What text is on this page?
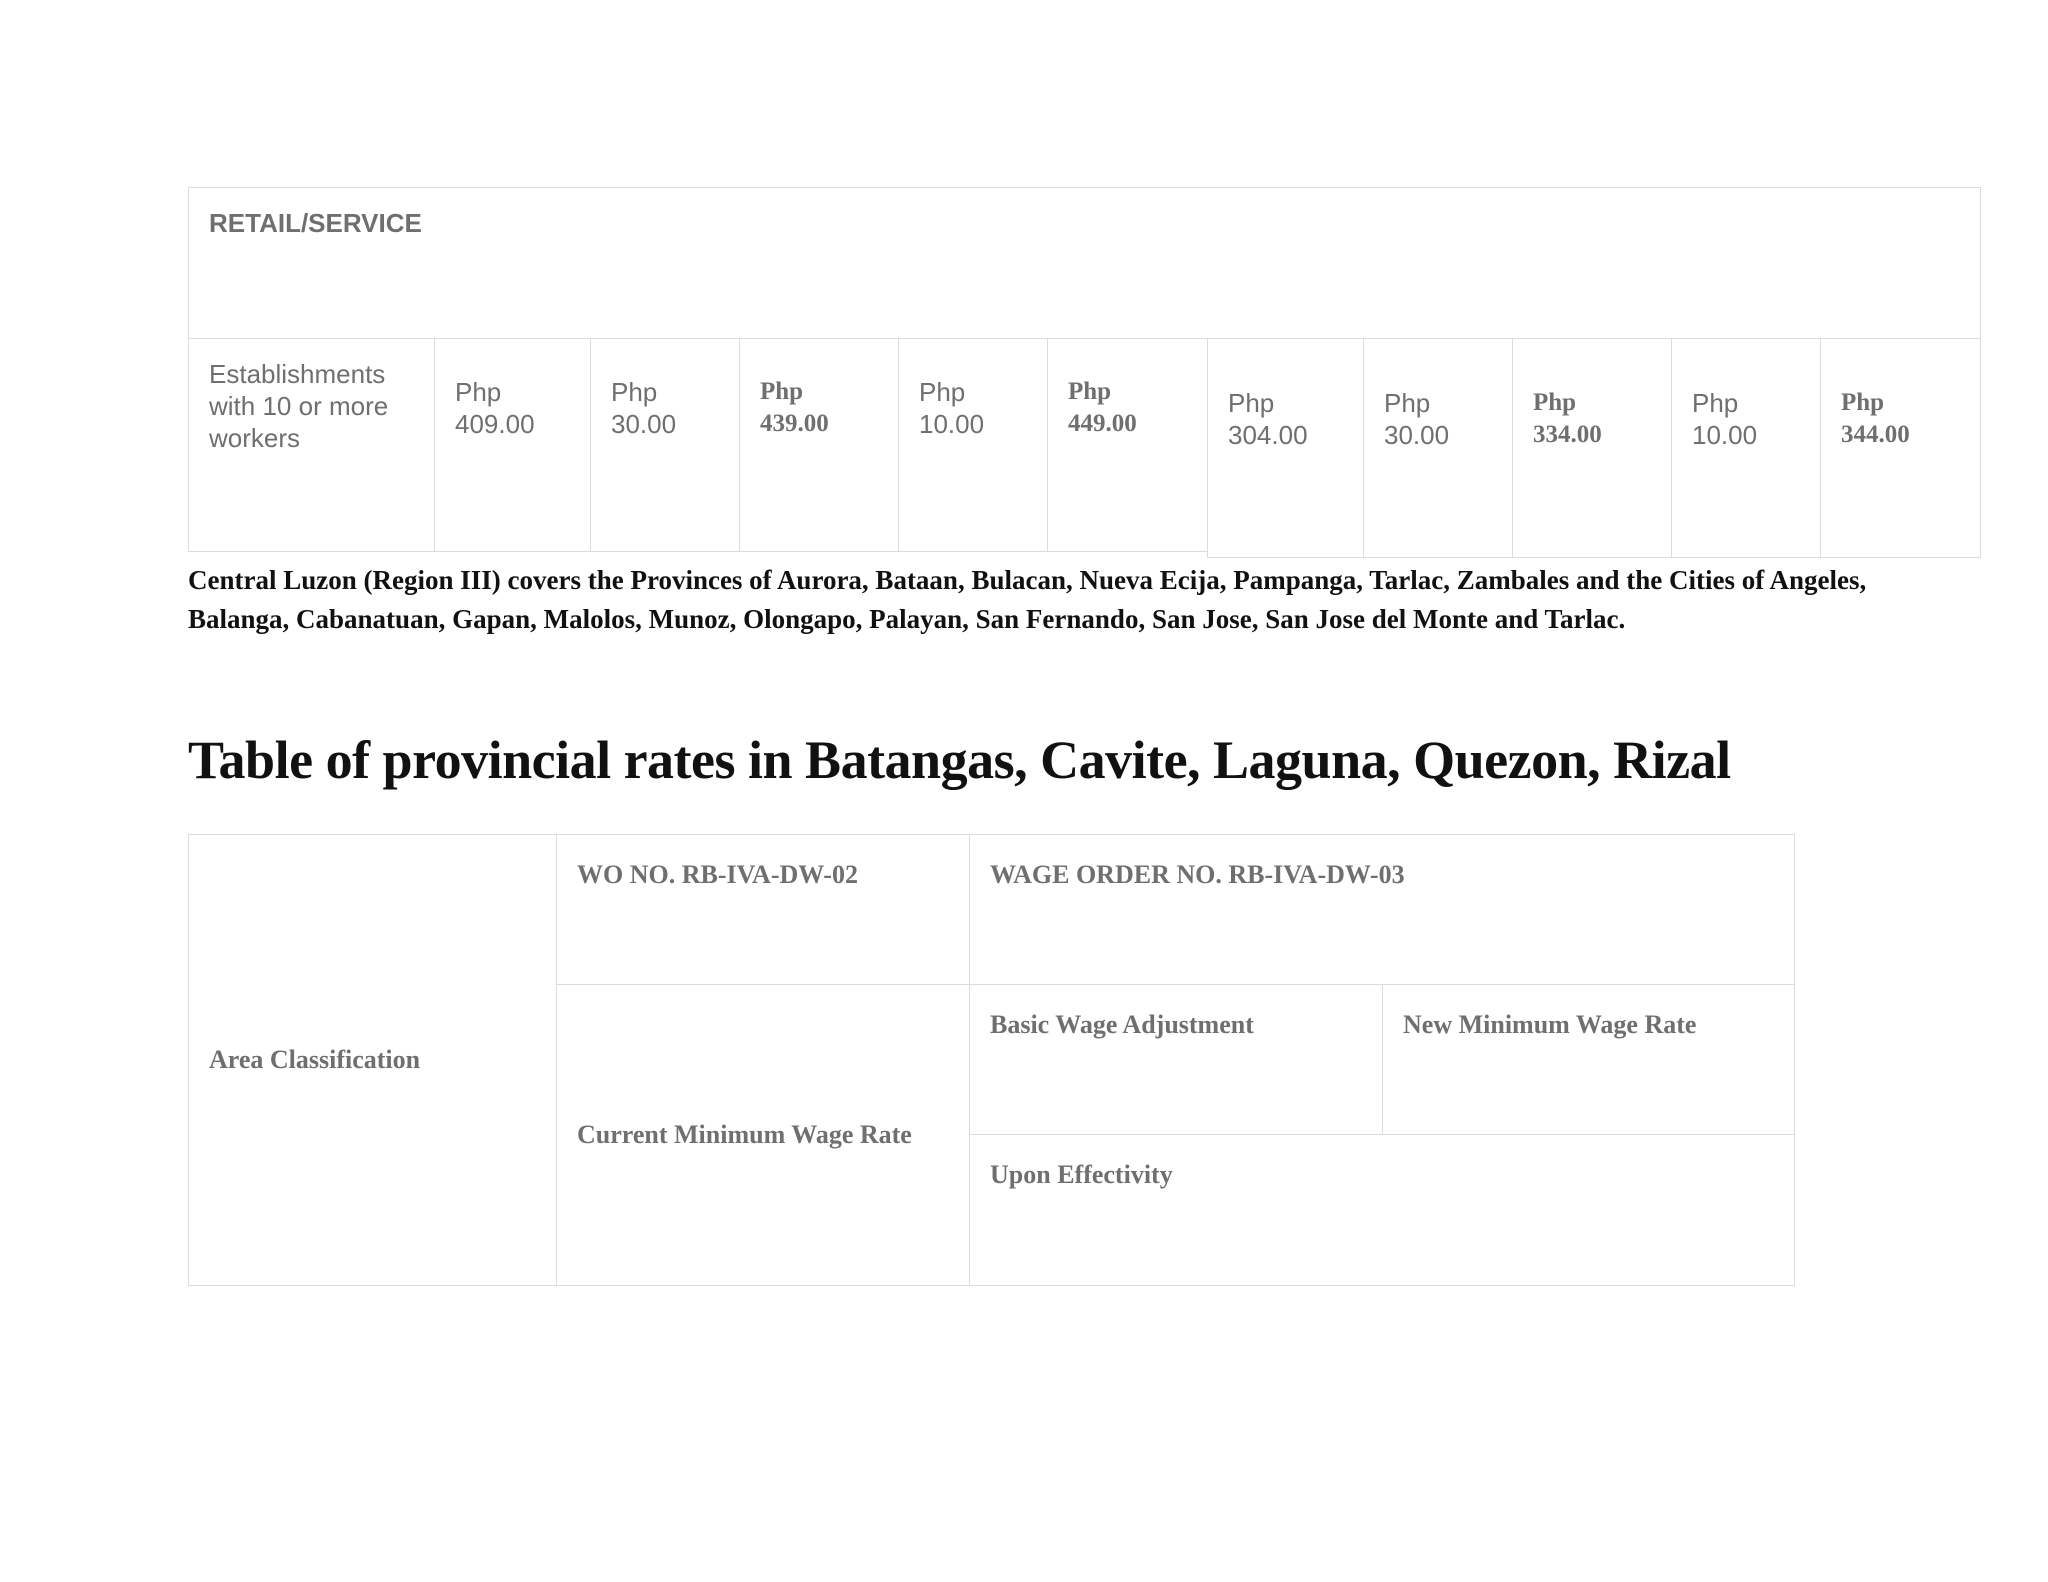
RETAIL/SERVICE
Establishments with 10 or more workers
Php
409.00
Php
30.00
Php
439.00
Php
10.00
Php
449.00
Php
304.00
Php
30.00
Php
334.00
Php
10.00
Php
344.00
Central Luzon (Region III) covers the Provinces of Aurora, Bataan, Bulacan, Nueva Ecija, Pampanga, Tarlac, Zambales and the Cities of Angeles, Balanga, Cabanatuan, Gapan, Malolos, Munoz, Olongapo, Palayan, San Fernando, San Jose, San Jose del Monte and Tarlac.
Table of provincial rates in Batangas, Cavite, Laguna, Quezon, Rizal
Area Classification
WO NO. RB-IVA-DW-02	WAGE ORDER NO. RB-IVA-DW-03
Current Minimum Wage Rate
Basic Wage Adjustment	New Minimum Wage Rate
Upon Effectivity
